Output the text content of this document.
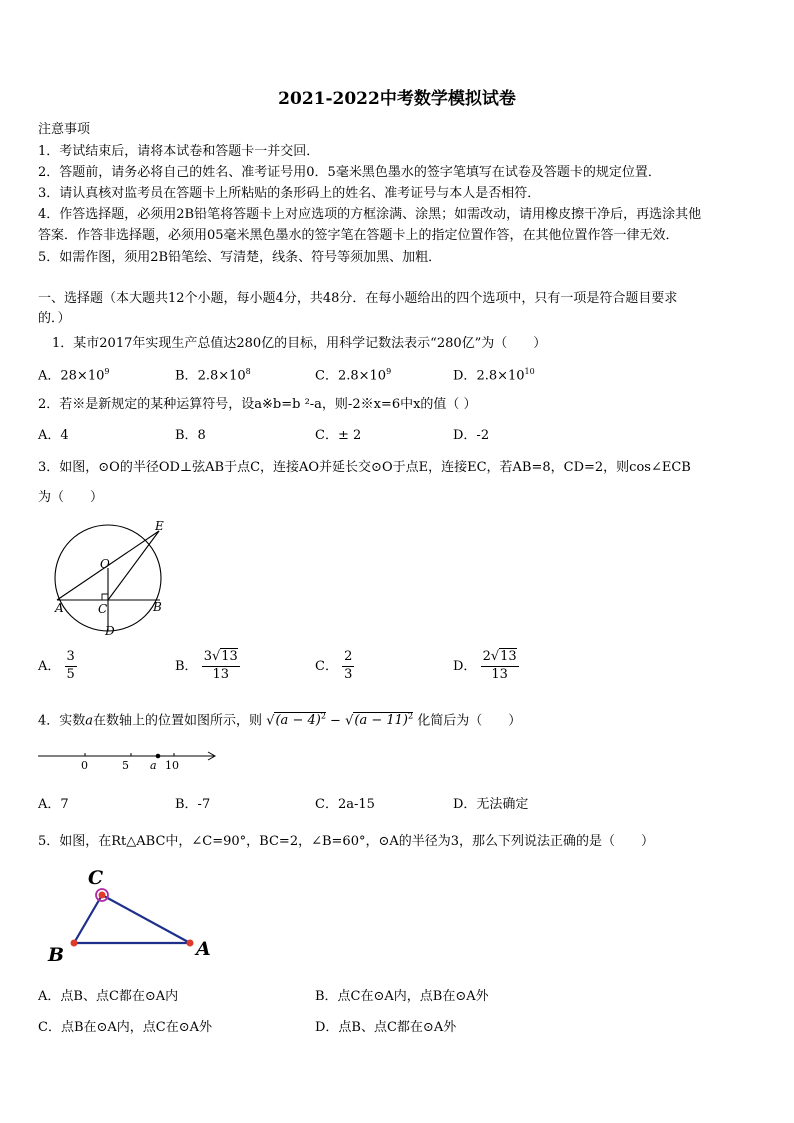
2021-2022中考数学模拟试卷
注意事项
1．考试结束后，请将本试卷和答题卡一并交回．
2．答题前，请务必将自己的姓名、准考证号用0．5毫米黑色墨水的签字笔填写在试卷及答题卡的规定位置．
3．请认真核对监考员在答题卡上所粘贴的条形码上的姓名、准考证号与本人是否相符．
4．作答选择题，必须用2B铅笔将答题卡上对应选项的方框涂满、涂黑；如需改动，请用橡皮擦干净后，再选涂其他
答案．作答非选择题，必须用05毫米黑色墨水的签字笔在答题卡上的指定位置作答，在其他位置作答一律无效．
5．如需作图，须用2B铅笔绘、写清楚，线条、符号等须加黑、加粗．
一、选择题（本大题共12个小题，每小题4分，共48分．在每小题给出的四个选项中，只有一项是符合题目要求
的．）
1．某市2017年实现生产总值达280亿的目标，用科学记数法表示“280亿”为（　　）
A．$28\times 10^9$	B．$2.8\times 10^8$	C．$2.8\times 10^9$	D．$2.8\times 10^{10}$
2．若※是新规定的某种运算符号，设a※b=b ²-a，则-2※x=6中x的值（ ）
A．4	B．8	C．± 2	D．-2
3．如图，⊙O的半径OD⊥弦AB于点C，连接AO并延长交⊙O于点E，连接EC，若AB=8，CD=2，则cos∠ECB
为（　　）
O
E
A	B
C
D
A． $\frac{3}{5}$	B． $\frac{3√13}{13}$	C． $\frac{2}{3}$	D． $\frac{2√13}{13}$
4．实数a在数轴上的位置如图所示，则 $√(a - 4)^2 - √(a - 11)^2$ 化简后为（　　）
0	5 a 10
A．7	B．-7	C．2a-15	D．无法确定
5．如图，在Rt△ABC中，∠C=90°，BC=2，∠B=60°，⊙A的半径为3，那么下列说法正确的是（　　）
C
B	A
A．点B、点C都在⊙A内	B．点C在⊙A内，点B在⊙A外
C．点B在⊙A内，点C在⊙A外	D．点B、点C都在⊙A外
